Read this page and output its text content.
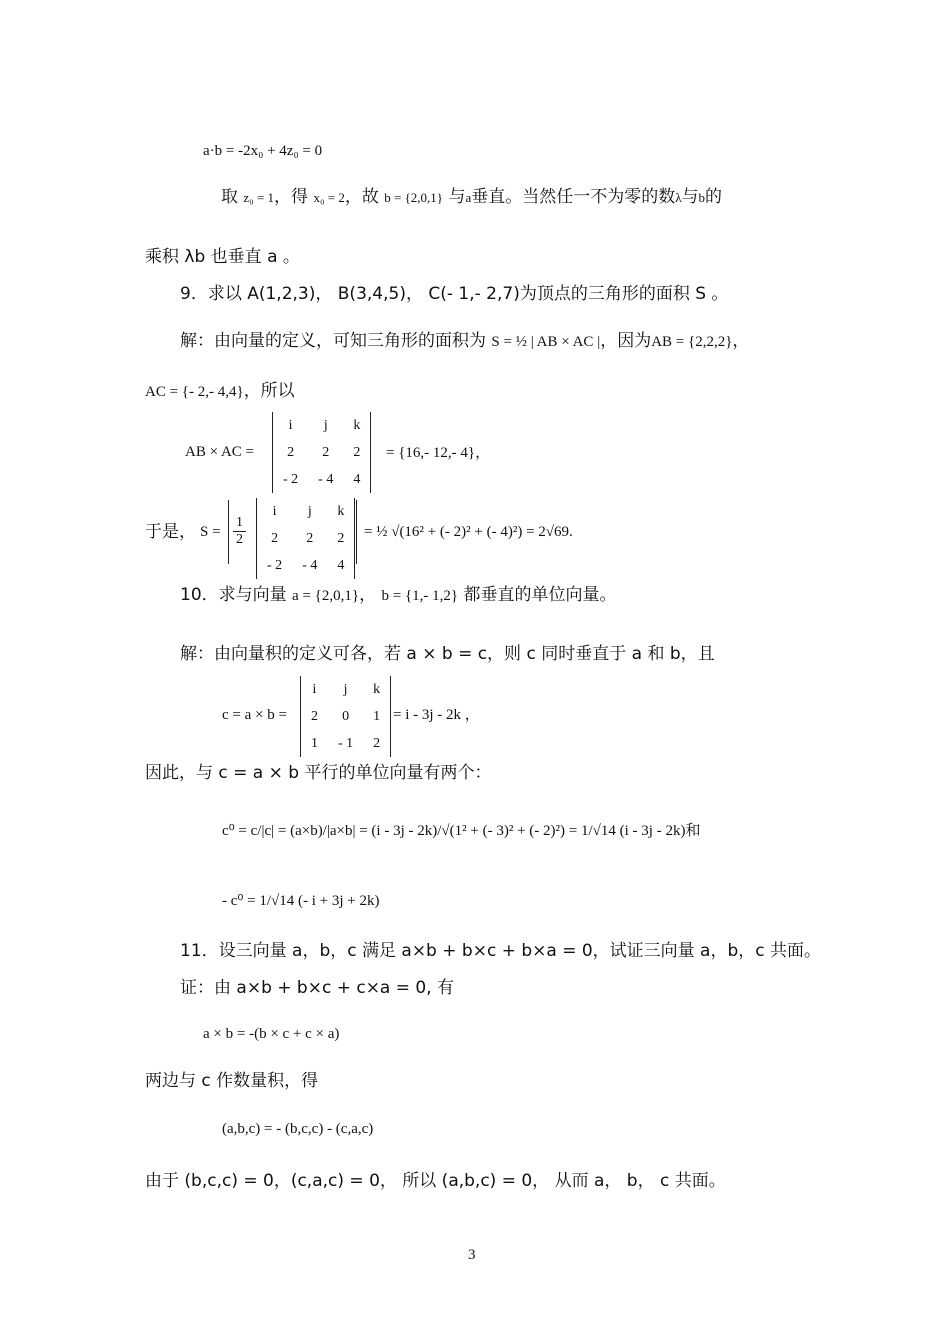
a·b = -2x₀ + 4z₀ = 0
取 z₀ = 1，得 x₀ = 2，故 b = {2,0,1} 与a垂直。当然任一不为零的数λ与b的
乘积 λb 也垂直 a 。
9．求以 A(1,2,3)， B(3,4,5)， C(- 1,- 2,7)为顶点的三角形的面积 S 。
解：由向量的定义，可知三角形的面积为 S = ½ | AB × AC |，因为AB = {2,2,2}，
AC = {- 2,- 4,4}，所以
AB × AC =
i	j	k
2	2	2
- 2	- 4	4
= {16,- 12,- 4}，
于是， $S = \frac{1}{2}$
i	j	k
2	2	2
- 2	- 4	4
= ½ √(16² + (- 2)² + (- 4)²) = 2√69.
10．求与向量 a = {2,0,1}， b = {1,- 1,2} 都垂直的单位向量。
解：由向量积的定义可各，若 a × b = c，则 c 同时垂直于 a 和 b，且
c = a × b =
i	j	k
2	0	1
1	- 1	2
= i - 3j - 2k ，
因此，与 c = a × b 平行的单位向量有两个：
c⁰ = c/|c| = (a×b)/|a×b| = (i - 3j - 2k)/√(1² + (- 3)² + (- 2)²) = 1/√14 (i - 3j - 2k)和
- c⁰ = 1/√14 (- i + 3j + 2k)
11．设三向量 a，b，c 满足 a×b + b×c + b×a = 0，试证三向量 a，b，c 共面。
证：由 a×b + b×c + c×a = 0, 有
a × b = -(b × c + c × a)
两边与 c 作数量积，得
(a,b,c) = - (b,c,c) - (c,a,c)
由于 (b,c,c) = 0，(c,a,c) = 0， 所以 (a,b,c) = 0， 从而 a， b， c 共面。
3
